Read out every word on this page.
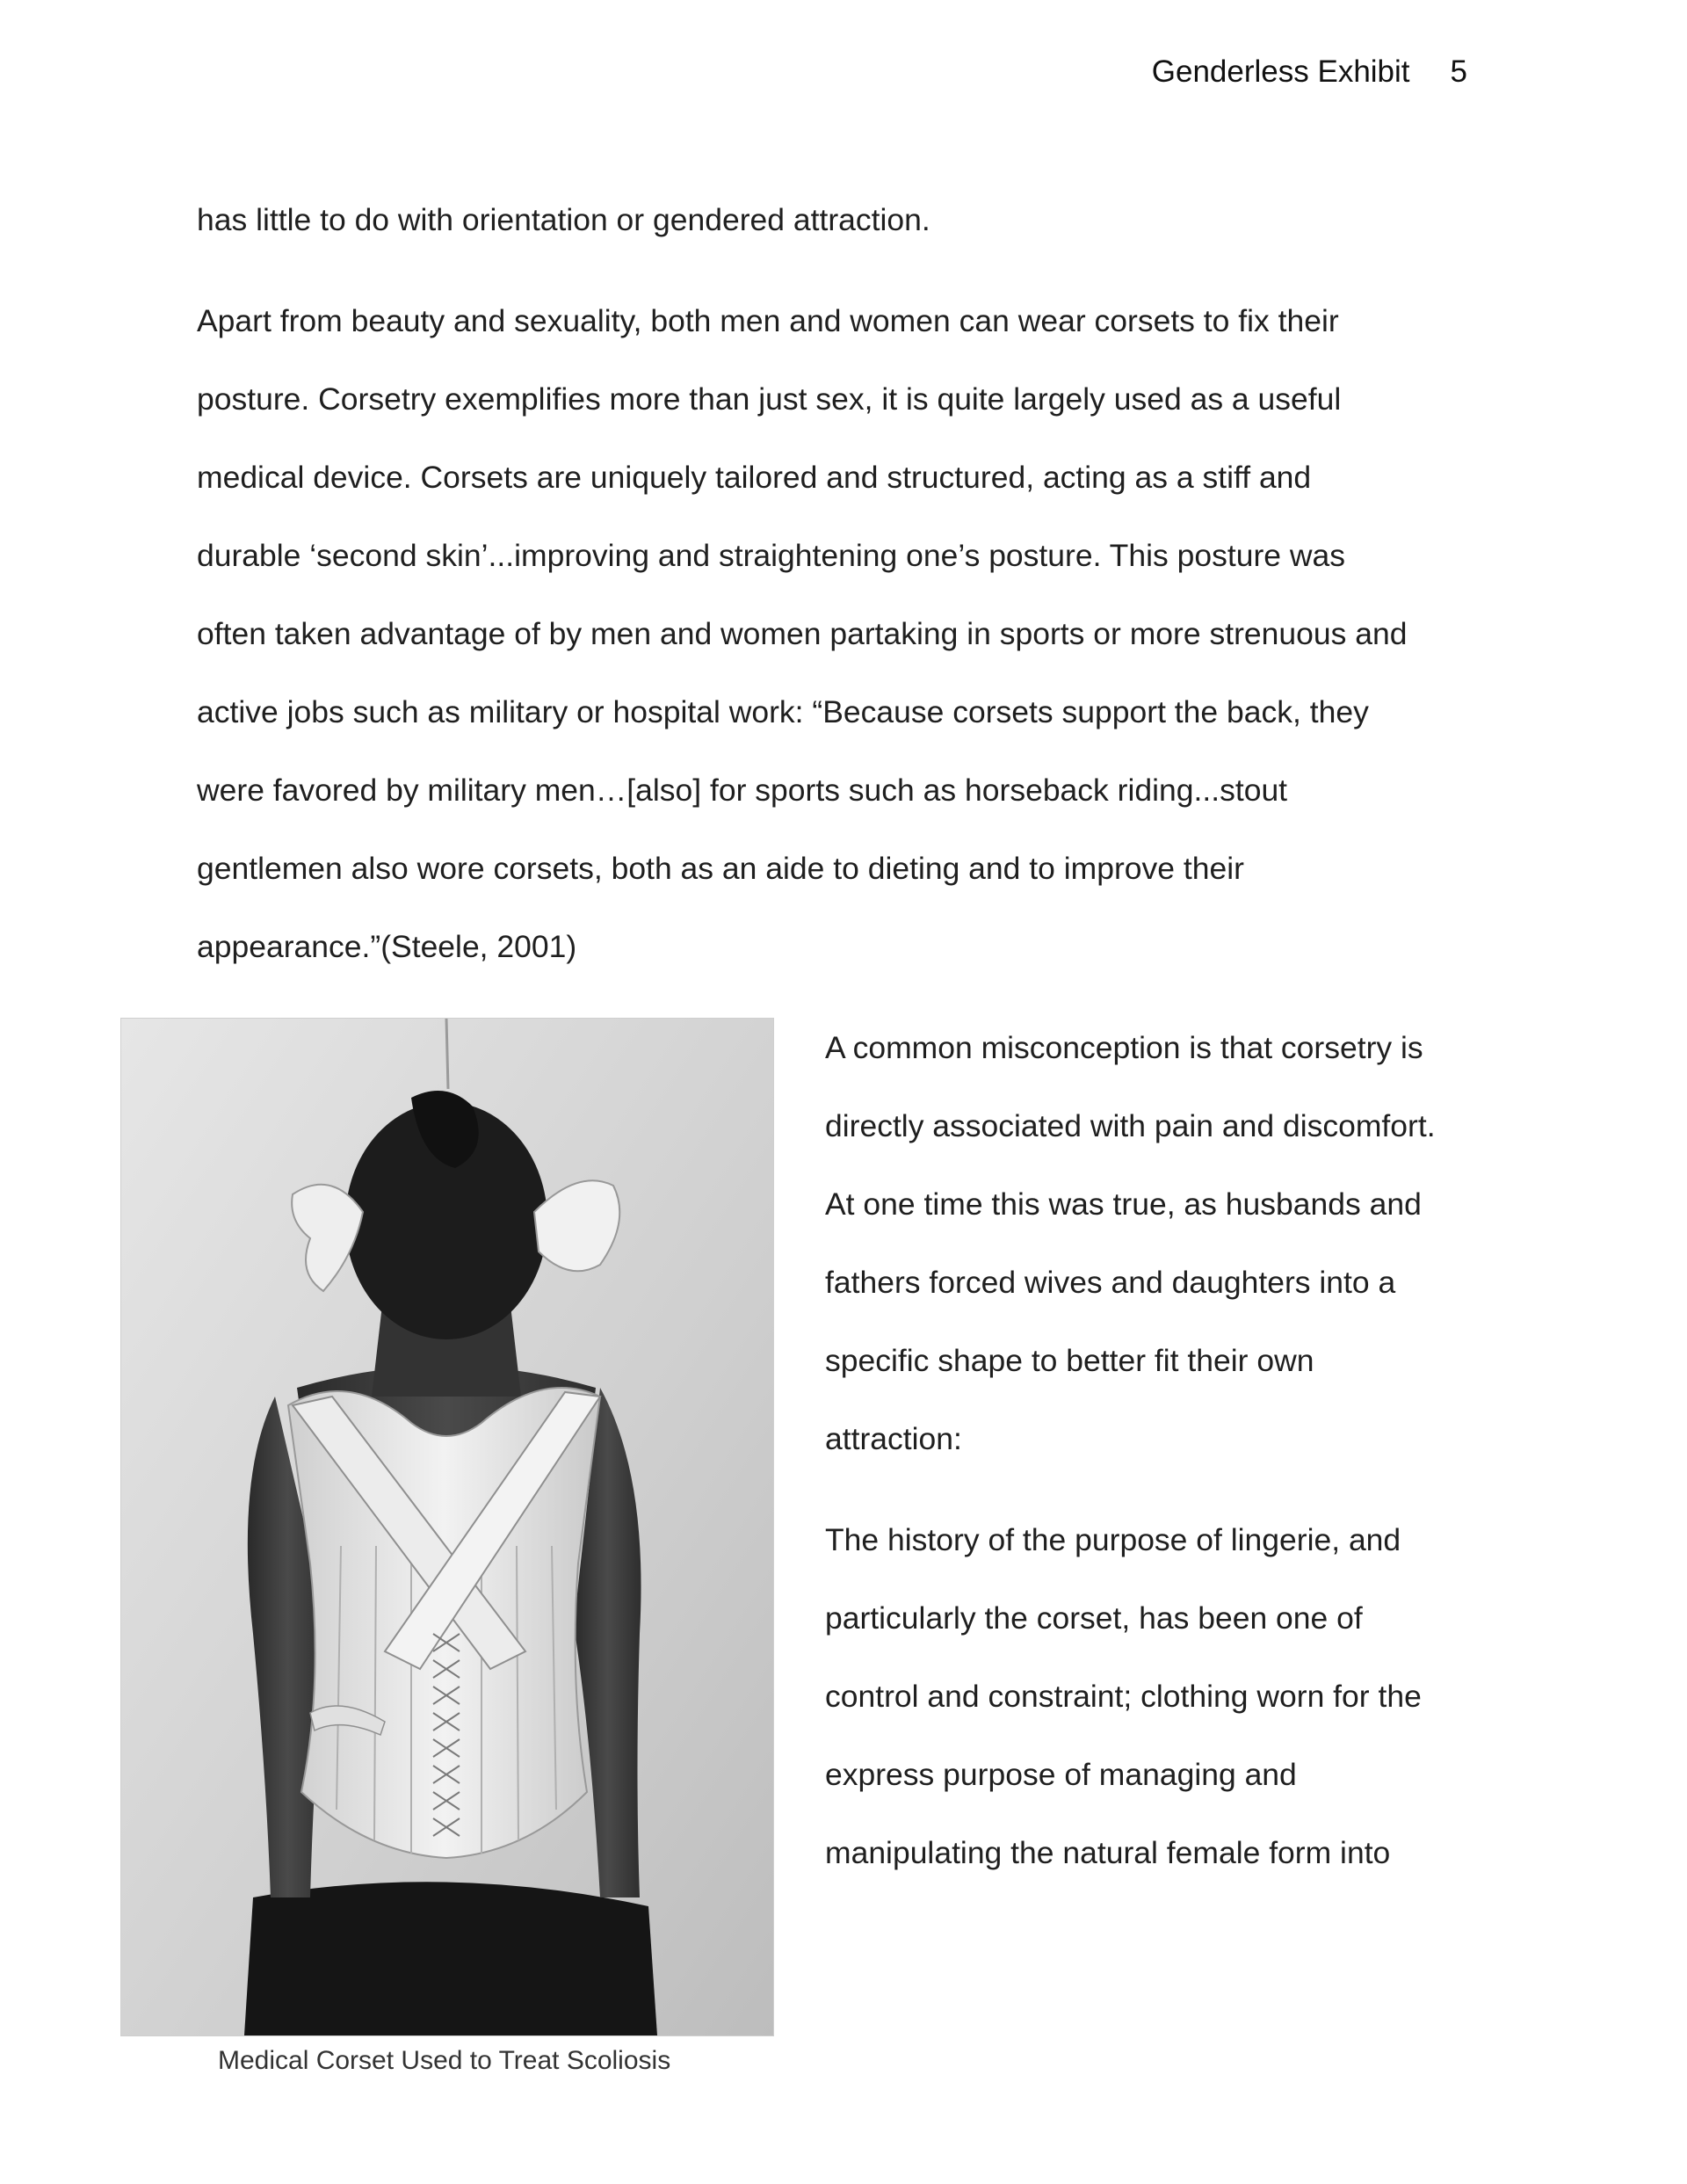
Genderless Exhibit 5

has little to do with orientation or gendered attraction.

Apart from beauty and sexuality, both men and women can wear corsets to fix their

posture. Corsetry exemplifies more than just sex, it is quite largely used as a useful

medical device. Corsets are uniquely tailored and structured, acting as a stiff and

durable ‘second skin’...improving and straightening one’s posture. This posture was

often taken advantage of by men and women partaking in sports or more strenuous and

active jobs such as military or hospital work: “Because corsets support the back, they

were favored by military men…[also] for sports such as horseback riding...stout

gentlemen also wore corsets, both as an aide to dieting and to improve their

appearance.”(Steele, 2001)

A common misconception is that corsetry is

directly associated with pain and discomfort.

At one time this was true, as husbands and

fathers forced wives and daughters into a

specific shape to better fit their own

attraction:

The history of the purpose of lingerie, and

particularly the corset, has been one of

control and constraint; clothing worn for the

express purpose of managing and

manipulating the natural female form into

Medical Corset Used to Treat Scoliosis
